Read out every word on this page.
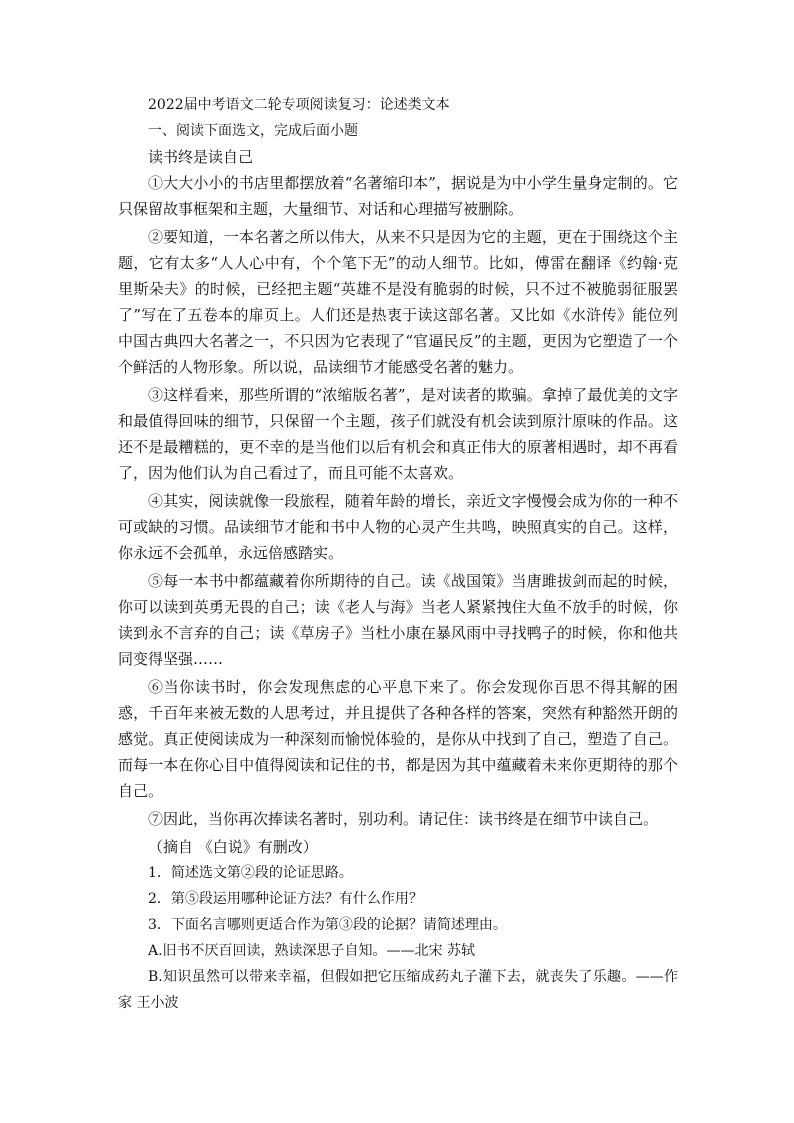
2022届中考语文二轮专项阅读复习：论述类文本

一、阅读下面选文，完成后面小题

读书终是读自己

①大大小小的书店里都摆放着“名著缩印本”，据说是为中小学生量身定制的。它只保留故事框架和主题，大量细节、对话和心理描写被删除。

②要知道，一本名著之所以伟大，从来不只是因为它的主题，更在于围绕这个主题，它有太多“人人心中有，个个笔下无”的动人细节。比如，傅雷在翻译《约翰·克里斯朵夫》的时候，已经把主题“英雄不是没有脆弱的时候，只不过不被脆弱征服罢了”写在了五卷本的扉页上。人们还是热衷于读这部名著。又比如《水浒传》能位列中国古典四大名著之一，不只因为它表现了“官逼民反”的主题，更因为它塑造了一个个鲜活的人物形象。所以说，品读细节才能感受名著的魅力。

③这样看来，那些所谓的“浓缩版名著”，是对读者的欺骗。拿掉了最优美的文字和最值得回味的细节，只保留一个主题，孩子们就没有机会读到原汁原味的作品。这还不是最糟糕的，更不幸的是当他们以后有机会和真正伟大的原著相遇时，却不再看了，因为他们认为自己看过了，而且可能不太喜欢。

④其实，阅读就像一段旅程，随着年龄的增长，亲近文字慢慢会成为你的一种不可或缺的习惯。品读细节才能和书中人物的心灵产生共鸣，映照真实的自己。这样，你永远不会孤单，永远倍感踏实。

⑤每一本书中都蕴藏着你所期待的自己。读《战国策》当唐雎拔剑而起的时候，你可以读到英勇无畏的自己；读《老人与海》当老人紧紧拽住大鱼不放手的时候，你读到永不言弃的自己；读《草房子》当杜小康在暴风雨中寻找鸭子的时候，你和他共同变得坚强……

⑥当你读书时，你会发现焦虑的心平息下来了。你会发现你百思不得其解的困惑，千百年来被无数的人思考过，并且提供了各种各样的答案，突然有种豁然开朗的感觉。真正使阅读成为一种深刻而愉悦体验的，是你从中找到了自己，塑造了自己。而每一本在你心目中值得阅读和记住的书，都是因为其中蕴藏着未来你更期待的那个自己。

⑦因此，当你再次捧读名著时，别功利。请记住：读书终是在细节中读自己。

（摘自 《白说》有删改）

1．简述选文第②段的论证思路。

2．第⑤段运用哪种论证方法？有什么作用？

3．下面名言哪则更适合作为第③段的论据？请简述理由。

A.旧书不厌百回读，熟读深思子自知。——北宋 苏轼

B.知识虽然可以带来幸福，但假如把它压缩成药丸子灌下去，就丧失了乐趣。——作家 王小波
